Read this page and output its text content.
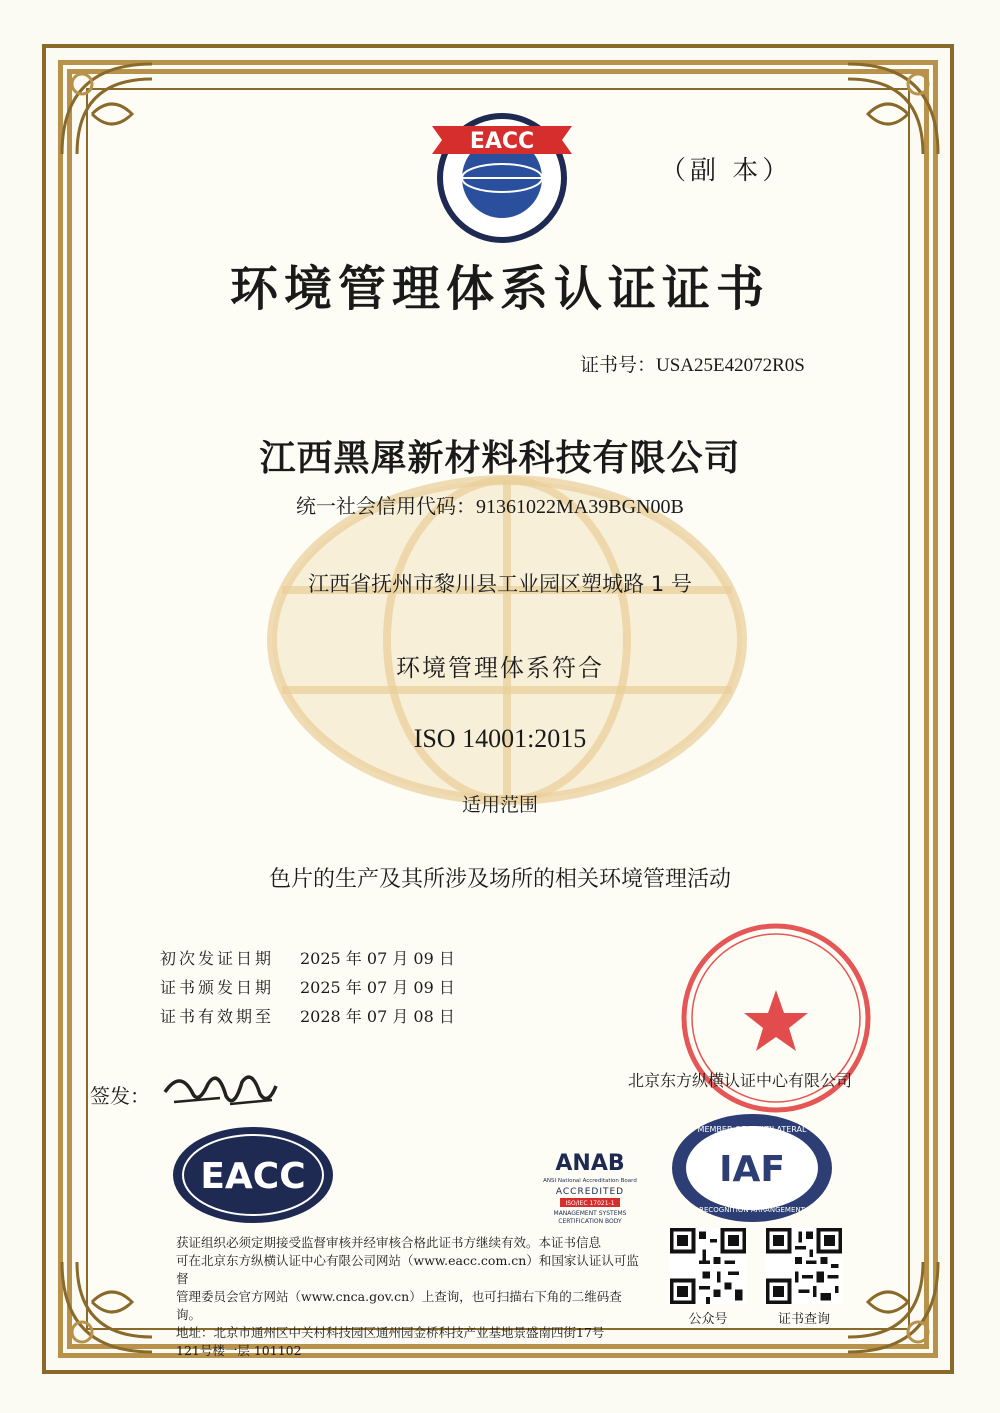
EACC
（副 本）
环境管理体系认证证书
证书号：USA25E42072R0S
江西黑犀新材料科技有限公司
统一社会信用代码：91361022MA39BGN00B
江西省抚州市黎川县工业园区塑城路 1 号
环境管理体系符合
ISO 14001:2015
适用范围
色片的生产及其所涉及场所的相关环境管理活动
初次发证日期	2025 年 07 月 09 日
证书颁发日期	2025 年 07 月 09 日
证书有效期至	2028 年 07 月 08 日
北京东方纵横认证中心有限公司
签发：
EACC	ANAB
ANSI National Accreditation Board
ACCREDITED
ISO/IEC 17021-1
MANAGEMENT SYSTEMS
CERTIFICATION BODY
MEMBER OF MULTILATERAL
IAF
RECOGNITION ARRANGEMENT
获证组织必须定期接受监督审核并经审核合格此证书方继续有效。本证书信息
可在北京东方纵横认证中心有限公司网站（www.eacc.com.cn）和国家认证认可监督
管理委员会官方网站（www.cnca.gov.cn）上查询，也可扫描右下角的二维码查询。
地址：北京市通州区中关村科技园区通州园金桥科技产业基地景盛南四街17号
121号楼一层 101102
公众号	证书查询
